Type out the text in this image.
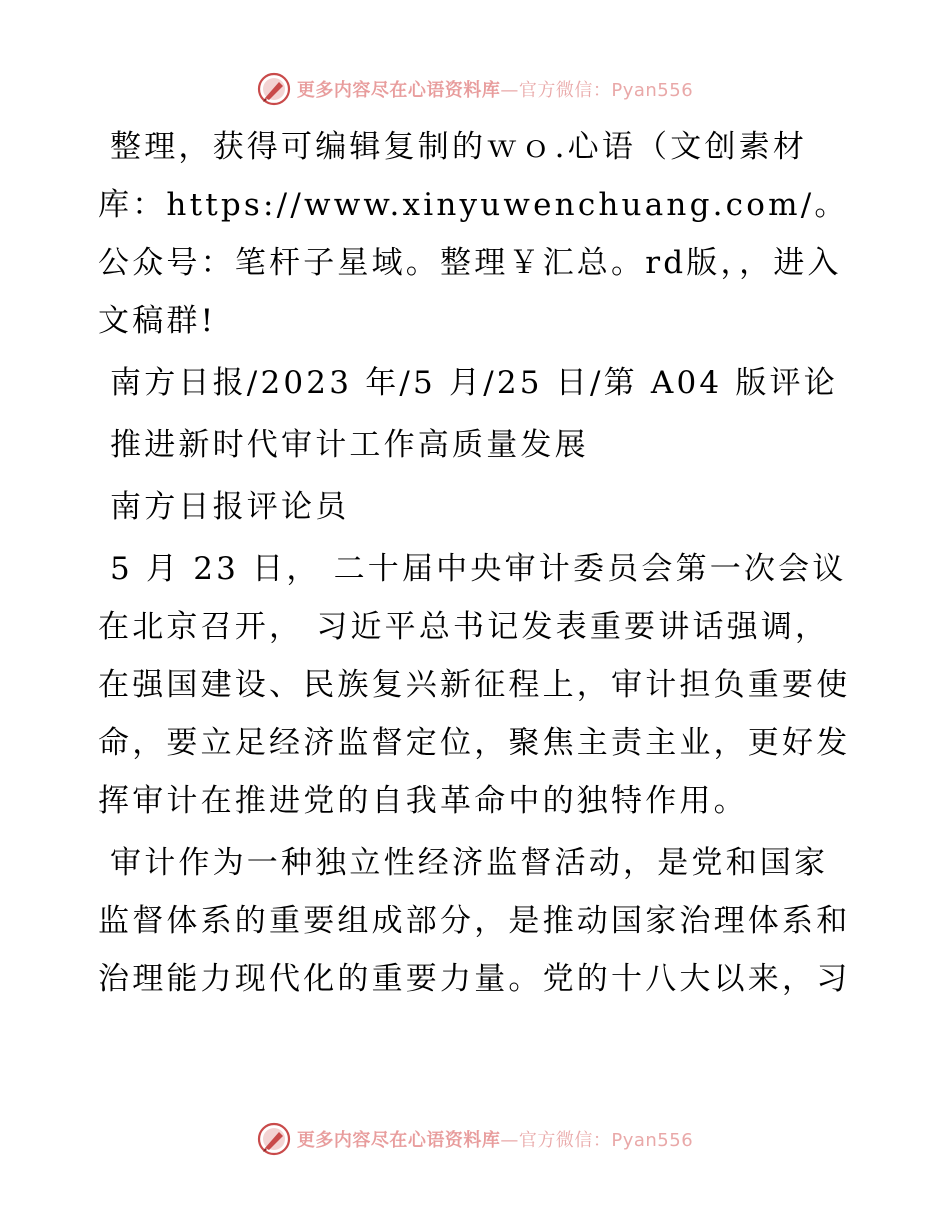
更多内容尽在心语资料库—官方微信：Pyan556

整理，获得可编辑复制的ｗｏ.心语（文创素材库：https://www.xinyuwenchuang.com/。公众号：笔杆子星域。整理￥汇总。rd版，，进入文稿群!

南方日报/2023 年/5 月/25 日/第 A04 版评论

推进新时代审计工作高质量发展

南方日报评论员

5 月 23 日， 二十届中央审计委员会第一次会议在北京召开， 习近平总书记发表重要讲话强调，在强国建设、民族复兴新征程上，审计担负重要使命，要立足经济监督定位，聚焦主责主业，更好发挥审计在推进党的自我革命中的独特作用。

审计作为一种独立性经济监督活动，是党和国家监督体系的重要组成部分，是推动国家治理体系和治理能力现代化的重要力量。党的十八大以来，习

更多内容尽在心语资料库—官方微信：Pyan556
